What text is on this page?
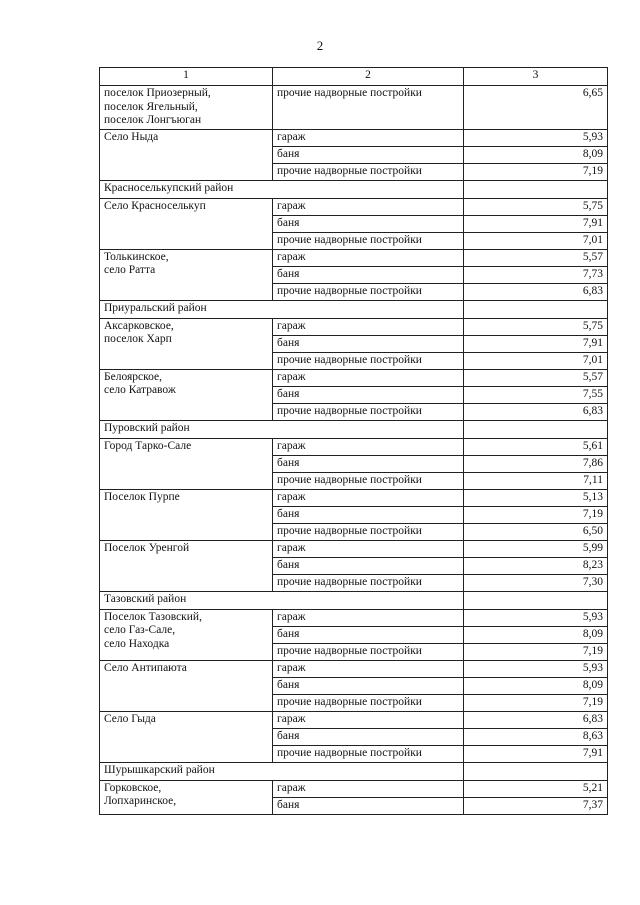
2
1	2	3
поселок Приозерный,
поселок Ягельный,
поселок Лонгъюган	прочие надворные постройки	6,65
Село Ныда	гараж	5,93
	баня	8,09
	прочие надворные постройки	7,19
Красноселькупский район		
Село Красноселькуп	гараж	5,75
	баня	7,91
	прочие надворные постройки	7,01
Толькинское,
село Ратта	гараж	5,57
	баня	7,73
	прочие надворные постройки	6,83
Приуральский район		
Аксарковское,
поселок Харп	гараж	5,75
	баня	7,91
	прочие надворные постройки	7,01
Белоярское,
село Катравож	гараж	5,57
	баня	7,55
	прочие надворные постройки	6,83
Пуровский район		
Город Тарко-Сале	гараж	5,61
	баня	7,86
	прочие надворные постройки	7,11
Поселок Пурпе	гараж	5,13
	баня	7,19
	прочие надворные постройки	6,50
Поселок Уренгой	гараж	5,99
	баня	8,23
	прочие надворные постройки	7,30
Тазовский район		
Поселок Тазовский,
село Газ-Сале,
село Находка	гараж	5,93
	баня	8,09
	прочие надворные постройки	7,19
Село Антипаюта	гараж	5,93
	баня	8,09
	прочие надворные постройки	7,19
Село Гыда	гараж	6,83
	баня	8,63
	прочие надворные постройки	7,91
Шурышкарский район		
Горковское,
Лопхаринское,	гараж	5,21
	баня	7,37
